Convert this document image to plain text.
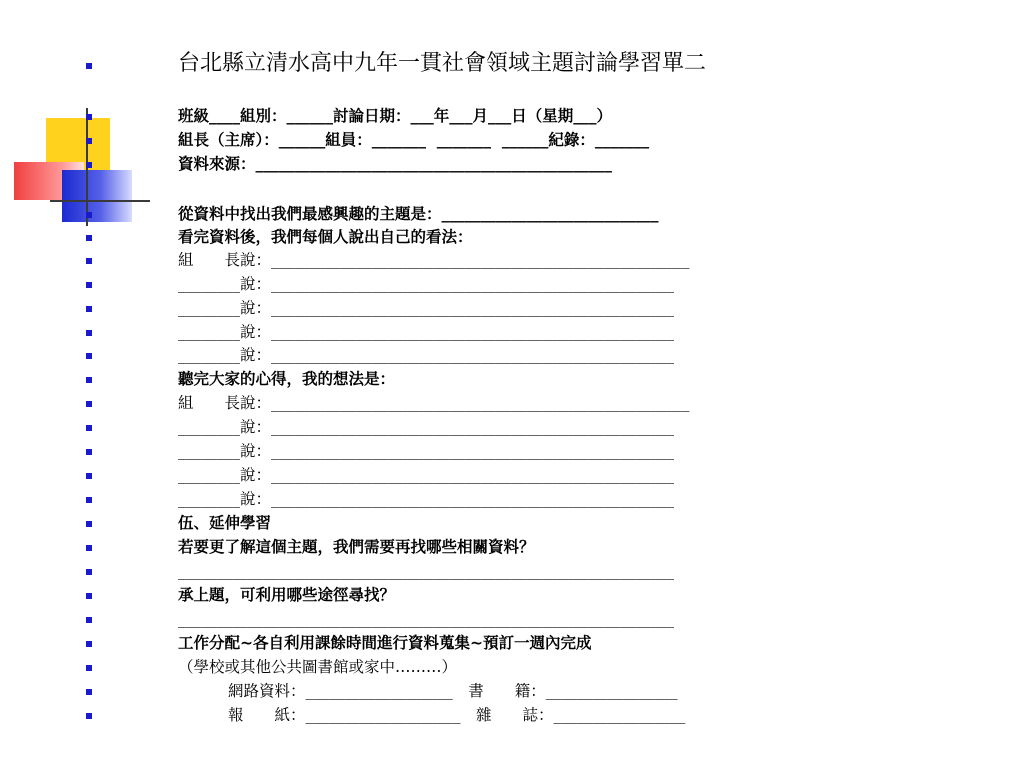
台北縣立清水高中九年一貫社會領域主題討論學習單二
班級____組別：______討論日期：___年___月___日（星期___）
組長（主席）：______組員：_______  _______  ______紀錄：_______
資料來源：______________________________________________
從資料中找出我們最感興趣的主題是：____________________________
看完資料後，我們每個人說出自己的看法：
組　　長說：______________________________________________________
________說：____________________________________________________
________說：____________________________________________________
________說：____________________________________________________
________說：____________________________________________________
聽完大家的心得，我的想法是：
組　　長說：______________________________________________________
________說：____________________________________________________
________說：____________________________________________________
________說：____________________________________________________
________說：____________________________________________________
伍、延伸學習
若要更了解這個主題，我們需要再找哪些相關資料？
________________________________________________________________
承上題，可利用哪些途徑尋找？
________________________________________________________________
工作分配~各自利用課餘時間進行資料蒐集~預訂一週內完成
（學校或其他公共圖書館或家中………）
網路資料：___________________　書　　籍：_________________
報　　紙：____________________　雜　　誌：_________________
